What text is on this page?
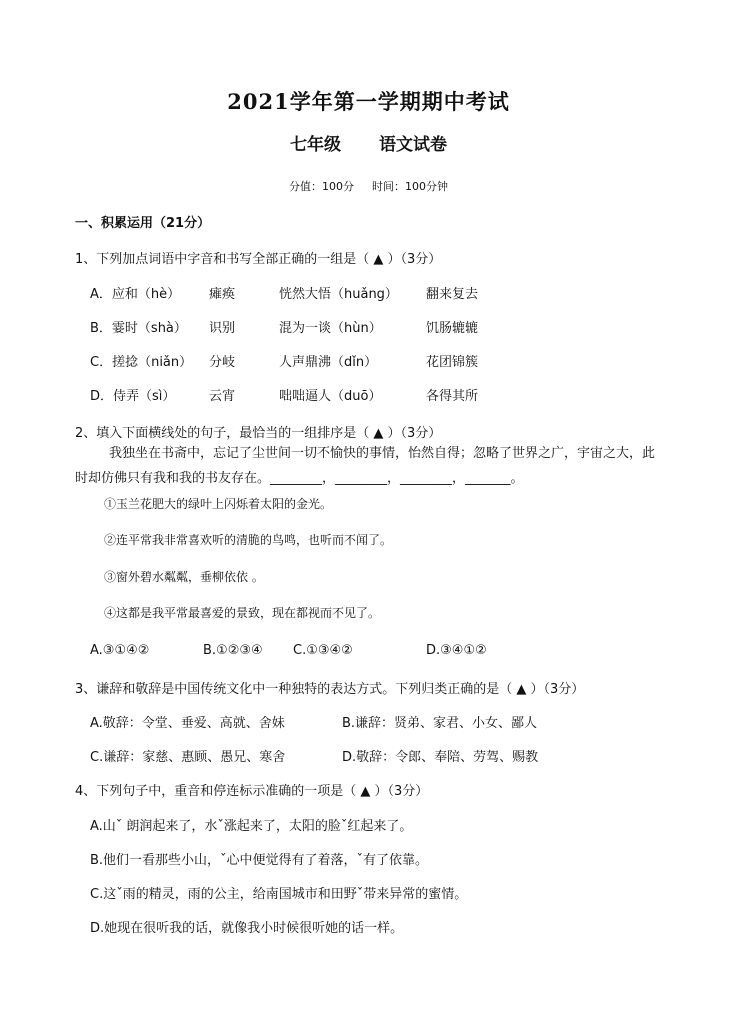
2021学年第一学期期中考试
七年级 语文试卷
分值：100分 时间：100分钟
一、积累运用（21分）
1、下列加点词语中字音和书写全部正确的一组是（ ▲ ）（3分）
A．应和（hè） 瘫痪	恍然大悟（huǎng） 翻来复去
B．霎时（shà） 识别	混为一谈（hùn）	饥肠辘辘
C．搓捻（niǎn） 分岐	人声鼎沸（dǐn）	花团锦簇
D．侍弄（sì）	云宵	咄咄逼人（duō）	各得其所
2、填入下面横线处的句子，最恰当的一组排序是（ ▲ ）（3分）
我独坐在书斋中，忘记了尘世间一切不愉快的事情，怡然自得；忽略了世界之广，宇宙之大，此时却仿佛只有我和我的书友存在。________，________，________，_______。
①玉兰花肥大的绿叶上闪烁着太阳的金光。
②连平常我非常喜欢听的清脆的鸟鸣，也听而不闻了。
③窗外碧水粼粼，垂柳依依 。
④这都是我平常最喜爱的景致，现在都视而不见了。
A.③①④②	B.①②③④ C.①③④②	D.③④①②
3、谦辞和敬辞是中国传统文化中一种独特的表达方式。下列归类正确的是（ ▲ ）（3分）
A.敬辞：令堂、垂爱、高就、舍妹	B.谦辞：贤弟、家君、小女、鄙人
C.谦辞：家慈、惠顾、愚兄、寒舍	D.敬辞：令郎、奉陪、劳驾、赐教
4、下列句子中，重音和停连标示准确的一项是（ ▲ ）（3分）
A.山ˇ 朗润起来了，水ˇ涨起来了，太阳的脸ˇ红起来了。
B.他们一看那些小山，ˇ心中便觉得有了着落，ˇ有了依靠。
C.这ˇ雨的精灵，雨的公主，给南国城市和田野ˇ带来异常的蜜情。
D.她现在很听我的话，就像我小时候很听她的话一样。
